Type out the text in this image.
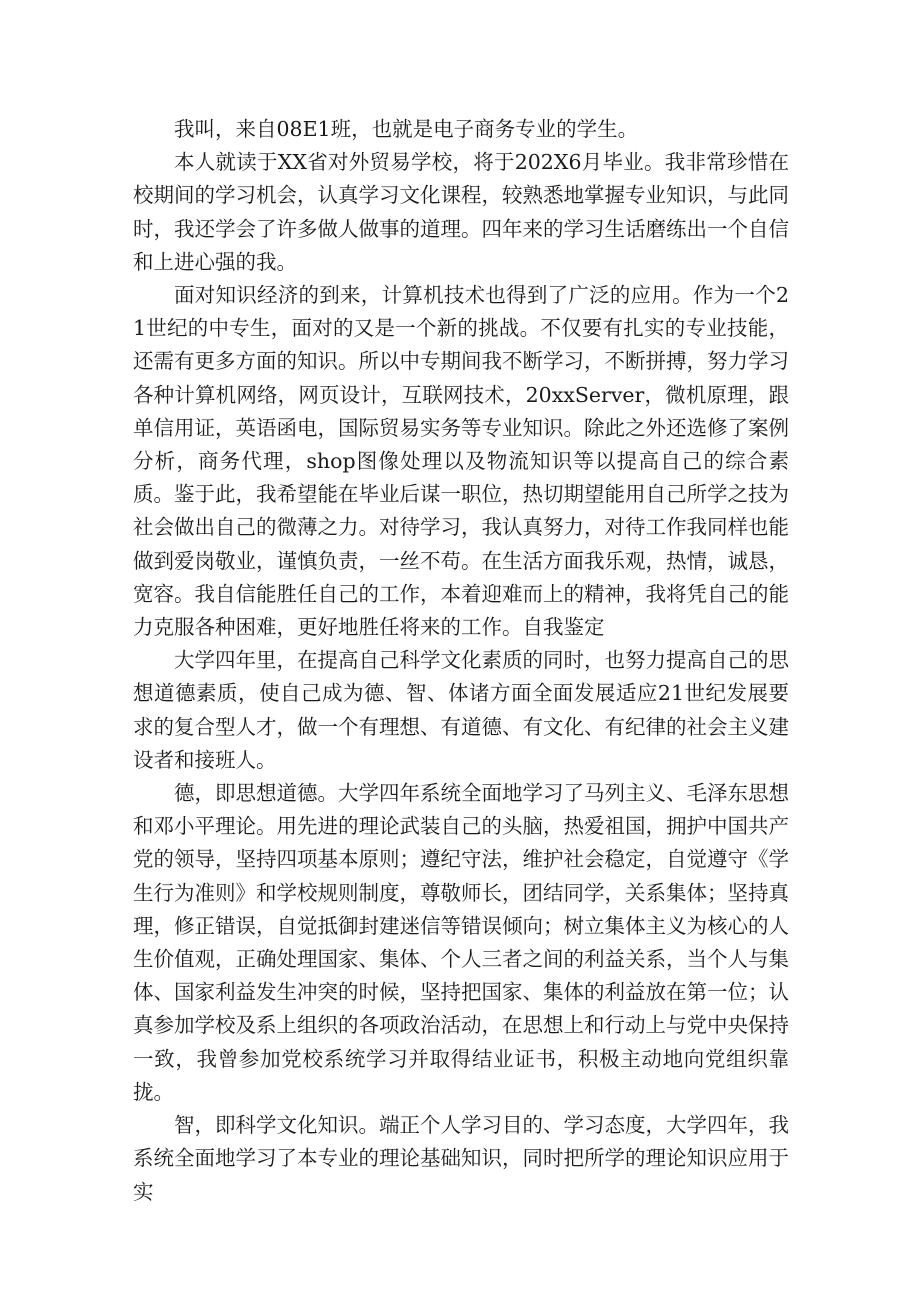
我叫，来自08E1班，也就是电子商务专业的学生。

本人就读于XX省对外贸易学校，将于202X6月毕业。我非常珍惜在校期间的学习机会，认真学习文化课程，较熟悉地掌握专业知识，与此同时，我还学会了许多做人做事的道理。四年来的学习生话磨练出一个自信和上进心强的我。

面对知识经济的到来，计算机技术也得到了广泛的应用。作为一个21世纪的中专生，面对的又是一个新的挑战。不仅要有扎实的专业技能，还需有更多方面的知识。所以中专期间我不断学习，不断拼搏，努力学习各种计算机网络，网页设计，互联网技术，20xxServer，微机原理，跟单信用证，英语函电，国际贸易实务等专业知识。除此之外还选修了案例分析，商务代理，shop图像处理以及物流知识等以提高自己的综合素质。鉴于此，我希望能在毕业后谋一职位，热切期望能用自己所学之技为社会做出自己的微薄之力。对待学习，我认真努力，对待工作我同样也能做到爱岗敬业，谨慎负责，一丝不苟。在生活方面我乐观，热情，诚恳，宽容。我自信能胜任自己的工作，本着迎难而上的精神，我将凭自己的能力克服各种困难，更好地胜任将来的工作。自我鉴定

大学四年里，在提高自己科学文化素质的同时，也努力提高自己的思想道德素质，使自己成为德、智、体诸方面全面发展适应21世纪发展要求的复合型人才，做一个有理想、有道德、有文化、有纪律的社会主义建设者和接班人。

德，即思想道德。大学四年系统全面地学习了马列主义、毛泽东思想和邓小平理论。用先进的理论武装自己的头脑，热爱祖国，拥护中国共产党的领导，坚持四项基本原则；遵纪守法，维护社会稳定，自觉遵守《学生行为准则》和学校规则制度，尊敬师长，团结同学，关系集体；坚持真理，修正错误，自觉抵御封建迷信等错误倾向；树立集体主义为核心的人生价值观，正确处理国家、集体、个人三者之间的利益关系，当个人与集体、国家利益发生冲突的时候，坚持把国家、集体的利益放在第一位；认真参加学校及系上组织的各项政治活动，在思想上和行动上与党中央保持一致，我曾参加党校系统学习并取得结业证书，积极主动地向党组织靠拢。

智，即科学文化知识。端正个人学习目的、学习态度，大学四年，我系统全面地学习了本专业的理论基础知识，同时把所学的理论知识应用于实
